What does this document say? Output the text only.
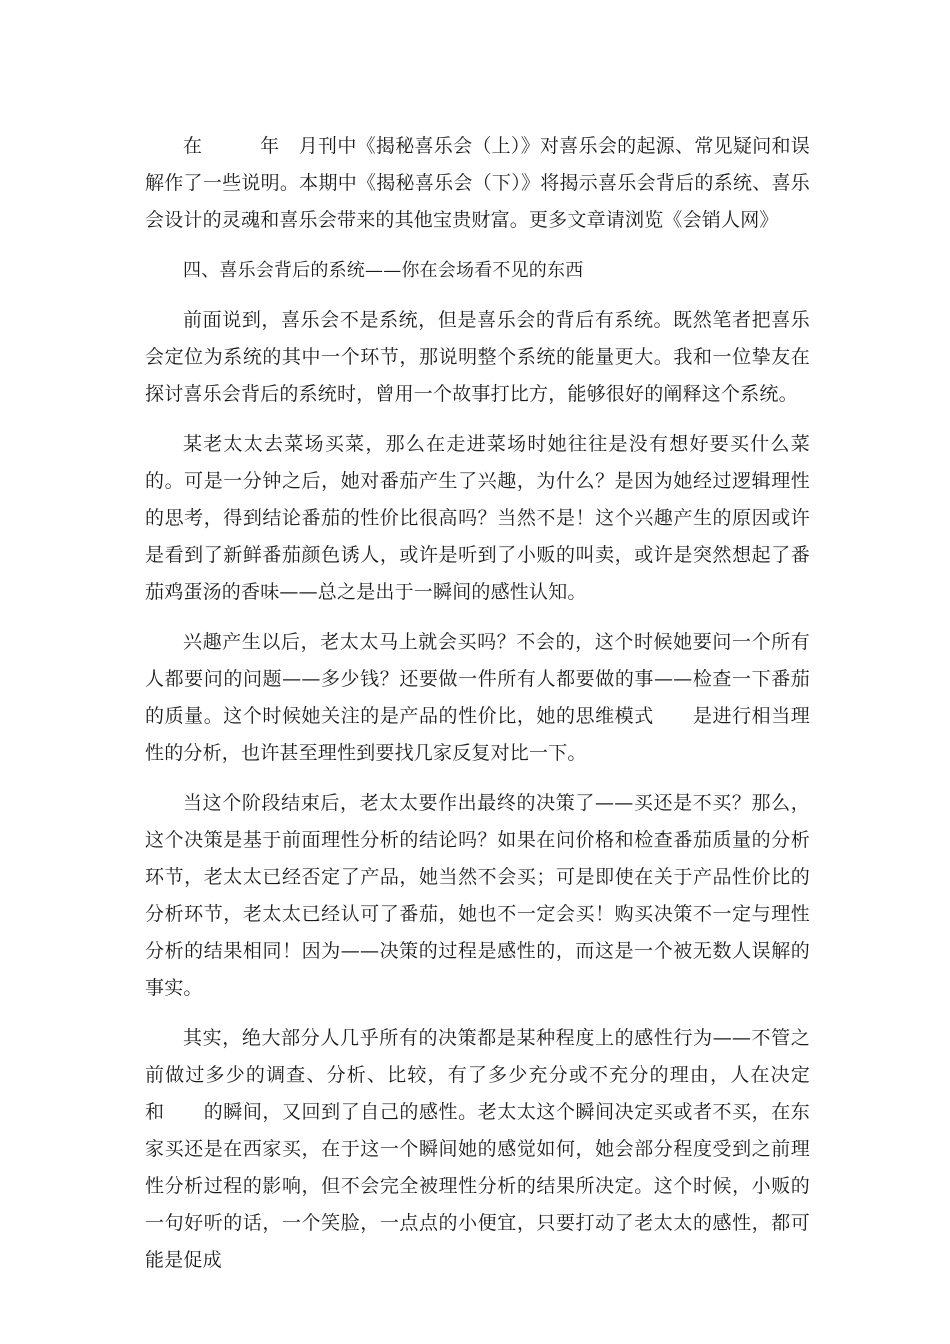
在　　　年　月刊中《揭秘喜乐会（上）》对喜乐会的起源、常见疑问和误解作了一些说明。本期中《揭秘喜乐会（下）》将揭示喜乐会背后的系统、喜乐会设计的灵魂和喜乐会带来的其他宝贵财富。更多文章请浏览《会销人网》

四、喜乐会背后的系统——你在会场看不见的东西

前面说到，喜乐会不是系统，但是喜乐会的背后有系统。既然笔者把喜乐会定位为系统的其中一个环节，那说明整个系统的能量更大。我和一位挚友在探讨喜乐会背后的系统时，曾用一个故事打比方，能够很好的阐释这个系统。

某老太太去菜场买菜，那么在走进菜场时她往往是没有想好要买什么菜的。可是一分钟之后，她对番茄产生了兴趣，为什么？是因为她经过逻辑理性的思考，得到结论番茄的性价比很高吗？当然不是！这个兴趣产生的原因或许是看到了新鲜番茄颜色诱人，或许是听到了小贩的叫卖，或许是突然想起了番茄鸡蛋汤的香味——总之是出于一瞬间的感性认知。

兴趣产生以后，老太太马上就会买吗？不会的，这个时候她要问一个所有人都要问的问题——多少钱？还要做一件所有人都要做的事——检查一下番茄的质量。这个时候她关注的是产品的性价比，她的思维模式　　是进行相当理性的分析，也许甚至理性到要找几家反复对比一下。

当这个阶段结束后，老太太要作出最终的决策了——买还是不买？那么，这个决策是基于前面理性分析的结论吗？如果在问价格和检查番茄质量的分析环节，老太太已经否定了产品，她当然不会买；可是即使在关于产品性价比的分析环节，老太太已经认可了番茄，她也不一定会买！购买决策不一定与理性分析的结果相同！因为——决策的过程是感性的，而这是一个被无数人误解的事实。

其实，绝大部分人几乎所有的决策都是某种程度上的感性行为——不管之前做过多少的调查、分析、比较，有了多少充分或不充分的理由，人在决定　　　和　　的瞬间，又回到了自己的感性。老太太这个瞬间决定买或者不买，在东家买还是在西家买，在于这一个瞬间她的感觉如何，她会部分程度受到之前理性分析过程的影响，但不会完全被理性分析的结果所决定。这个时候，小贩的一句好听的话，一个笑脸，一点点的小便宜，只要打动了老太太的感性，都可能是促成
